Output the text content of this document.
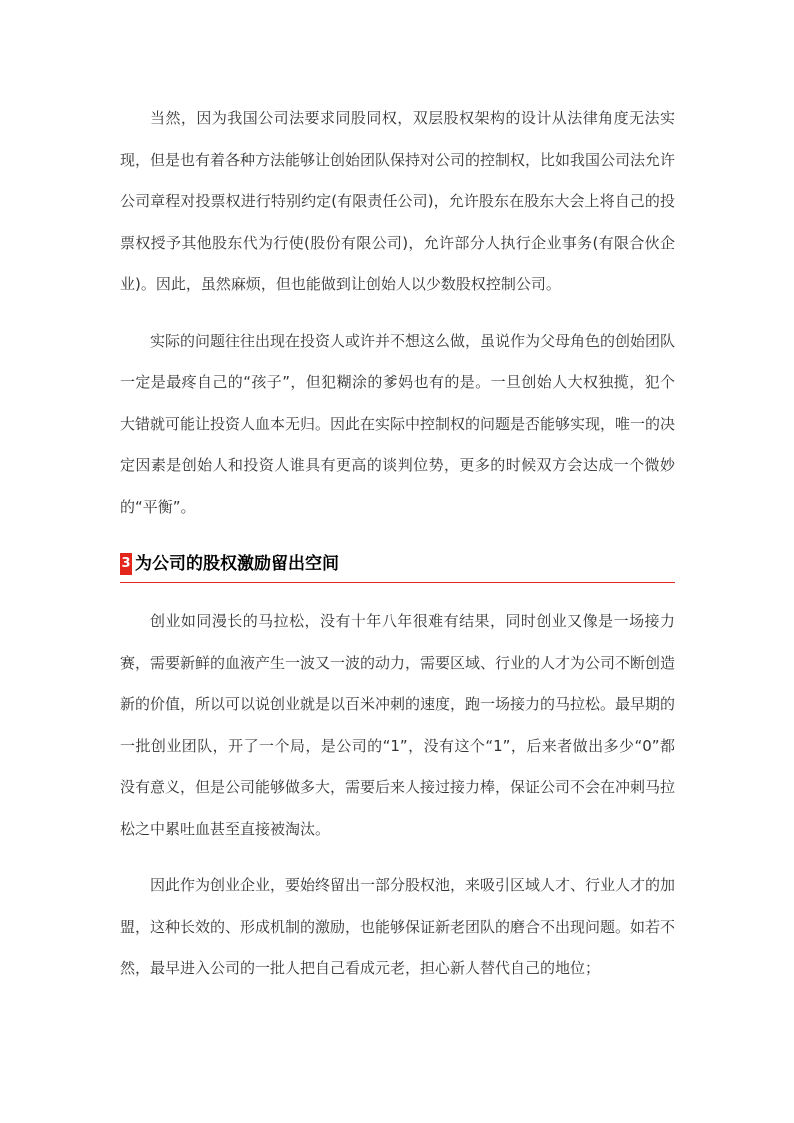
当然，因为我国公司法要求同股同权，双层股权架构的设计从法律角度无法实现，但是也有着各种方法能够让创始团队保持对公司的控制权，比如我国公司法允许公司章程对投票权进行特别约定(有限责任公司)，允许股东在股东大会上将自己的投票权授予其他股东代为行使(股份有限公司)，允许部分人执行企业事务(有限合伙企业)。因此，虽然麻烦，但也能做到让创始人以少数股权控制公司。

实际的问题往往出现在投资人或许并不想这么做，虽说作为父母角色的创始团队一定是最疼自己的“孩子”，但犯糊涂的爹妈也有的是。一旦创始人大权独揽，犯个大错就可能让投资人血本无归。因此在实际中控制权的问题是否能够实现，唯一的决定因素是创始人和投资人谁具有更高的谈判位势，更多的时候双方会达成一个微妙的“平衡”。

3 为公司的股权激励留出空间

创业如同漫长的马拉松，没有十年八年很难有结果，同时创业又像是一场接力赛，需要新鲜的血液产生一波又一波的动力，需要区域、行业的人才为公司不断创造新的价值，所以可以说创业就是以百米冲刺的速度，跑一场接力的马拉松。最早期的一批创业团队，开了一个局，是公司的“1”，没有这个“1”，后来者做出多少“0”都没有意义，但是公司能够做多大，需要后来人接过接力棒，保证公司不会在冲刺马拉松之中累吐血甚至直接被淘汰。

因此作为创业企业，要始终留出一部分股权池，来吸引区域人才、行业人才的加盟，这种长效的、形成机制的激励，也能够保证新老团队的磨合不出现问题。如若不然，最早进入公司的一批人把自己看成元老，担心新人替代自己的地位；
